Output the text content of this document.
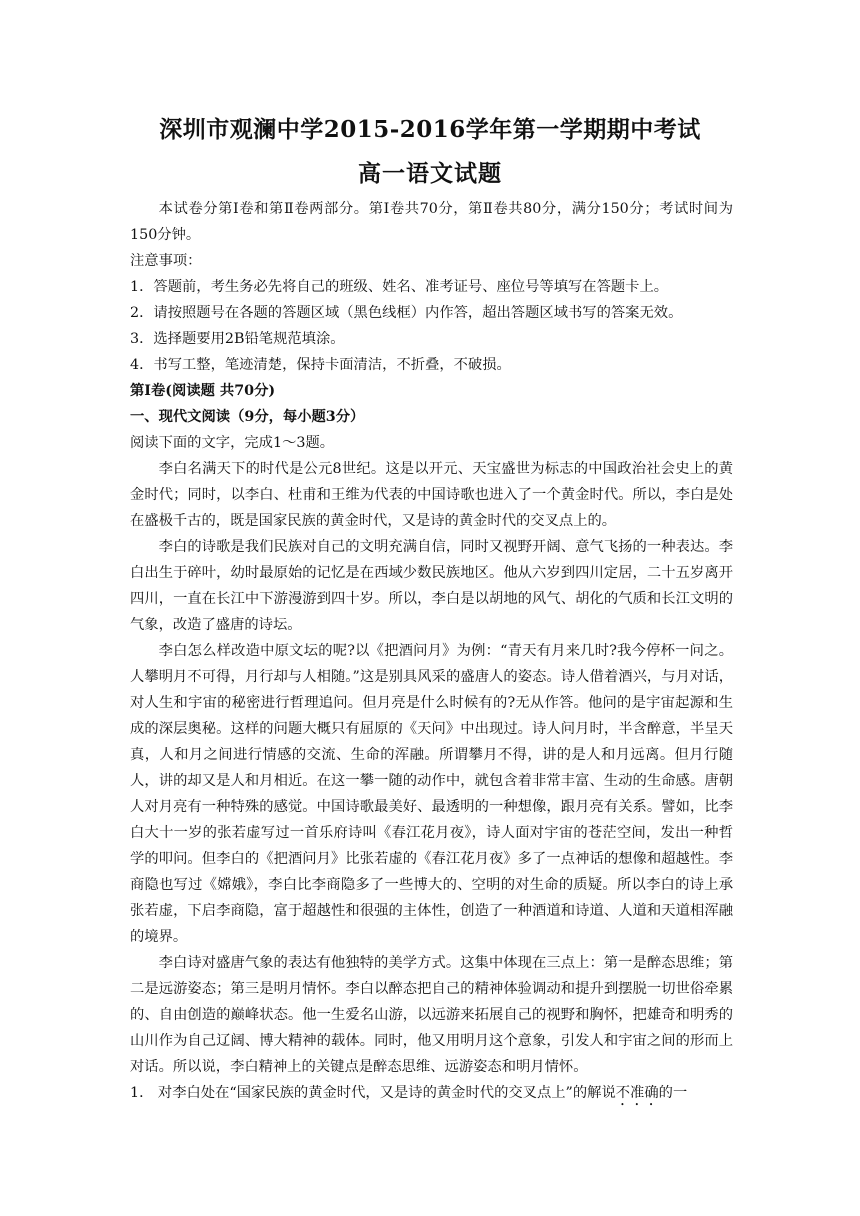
深圳市观澜中学2015-2016学年第一学期期中考试
高一语文试题

本试卷分第Ⅰ卷和第Ⅱ卷两部分。第Ⅰ卷共70分，第Ⅱ卷共80分，满分150分；考试时间为150分钟。

注意事项：

1．答题前，考生务必先将自己的班级、姓名、准考证号、座位号等填写在答题卡上。

2．请按照题号在各题的答题区域（黑色线框）内作答，超出答题区域书写的答案无效。

3．选择题要用2B铅笔规范填涂。

4．书写工整，笔迹清楚，保持卡面清洁，不折叠，不破损。

第Ⅰ卷(阅读题 共70分)

一、现代文阅读（9分，每小题3分）

阅读下面的文字，完成1～3题。

李白名满天下的时代是公元8世纪。这是以开元、天宝盛世为标志的中国政治社会史上的黄金时代；同时，以李白、杜甫和王维为代表的中国诗歌也进入了一个黄金时代。所以，李白是处在盛极千古的，既是国家民族的黄金时代，又是诗的黄金时代的交叉点上的。

李白的诗歌是我们民族对自己的文明充满自信，同时又视野开阔、意气飞扬的一种表达。李白出生于碎叶，幼时最原始的记忆是在西域少数民族地区。他从六岁到四川定居，二十五岁离开四川，一直在长江中下游漫游到四十岁。所以，李白是以胡地的风气、胡化的气质和长江文明的气象，改造了盛唐的诗坛。

李白怎么样改造中原文坛的呢?以《把酒问月》为例：“青天有月来几时?我今停杯一问之。人攀明月不可得，月行却与人相随。”这是别具风采的盛唐人的姿态。诗人借着酒兴，与月对话，对人生和宇宙的秘密进行哲理追问。但月亮是什么时候有的?无从作答。他问的是宇宙起源和生成的深层奥秘。这样的问题大概只有屈原的《天问》中出现过。诗人问月时，半含醉意，半呈天真，人和月之间进行情感的交流、生命的浑融。所谓攀月不得，讲的是人和月远离。但月行随人，讲的却又是人和月相近。在这一攀一随的动作中，就包含着非常丰富、生动的生命感。唐朝人对月亮有一种特殊的感觉。中国诗歌最美好、最透明的一种想像，跟月亮有关系。譬如，比李白大十一岁的张若虚写过一首乐府诗叫《春江花月夜》，诗人面对宇宙的苍茫空间，发出一种哲学的叩问。但李白的《把酒问月》比张若虚的《春江花月夜》多了一点神话的想像和超越性。李商隐也写过《嫦娥》，李白比李商隐多了一些博大的、空明的对生命的质疑。所以李白的诗上承张若虚，下启李商隐，富于超越性和很强的主体性，创造了一种酒道和诗道、人道和天道相浑融的境界。

李白诗对盛唐气象的表达有他独特的美学方式。这集中体现在三点上：第一是醉态思维；第二是远游姿态；第三是明月情怀。李白以醉态把自己的精神体验调动和提升到摆脱一切世俗牵累的、自由创造的巅峰状态。他一生爱名山游，以远游来拓展自己的视野和胸怀，把雄奇和明秀的山川作为自己辽阔、博大精神的载体。同时，他又用明月这个意象，引发人和宇宙之间的形而上对话。所以说，李白精神上的关键点是醉态思维、远游姿态和明月情怀。

1． 对李白处在“国家民族的黄金时代，又是诗的黄金时代的交叉点上”的解说不准确的一
